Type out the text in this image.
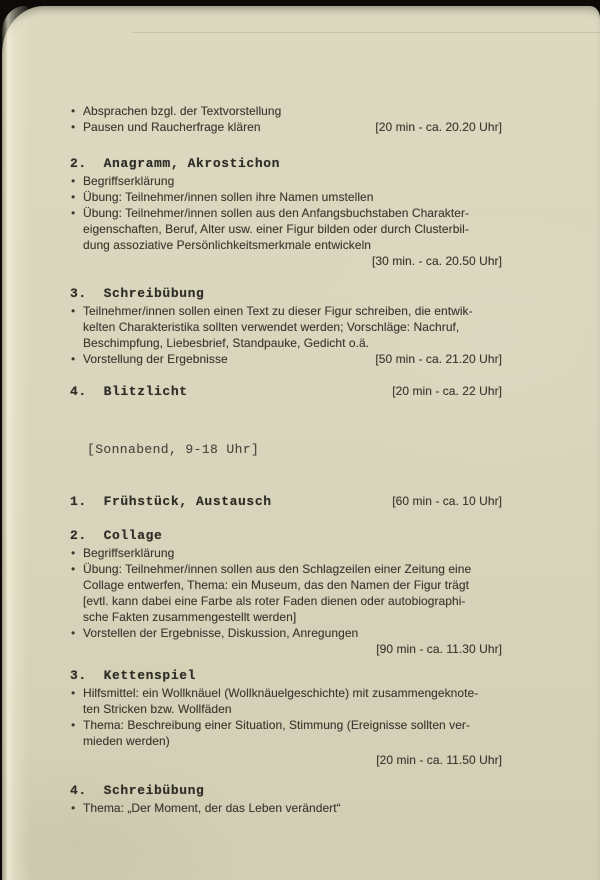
• Absprachen bzgl. der Textvorstellung
• Pausen und Raucherfrage klären	[20 min - ca. 20.20 Uhr]
2.  Anagramm, Akrostichon
• Begriffserklärung
• Übung: Teilnehmer/innen sollen ihre Namen umstellen
• Übung: Teilnehmer/innen sollen aus den Anfangsbuchstaben Charakter-
eigenschaften, Beruf, Alter usw. einer Figur bilden oder durch Clusterbil-
dung assoziative Persönlichkeitsmerkmale entwickeln
[30 min. - ca. 20.50 Uhr]
3.  Schreibübung
• Teilnehmer/innen sollen einen Text zu dieser Figur schreiben, die entwik-
kelten Charakteristika sollten verwendet werden; Vorschläge: Nachruf,
Beschimpfung, Liebesbrief, Standpauke, Gedicht o.ä.
• Vorstellung der Ergebnisse	[50 min - ca. 21.20 Uhr]
4.  Blitzlicht	[20 min - ca. 22 Uhr]
[Sonnabend, 9-18 Uhr]
1.  Frühstück, Austausch	[60 min - ca. 10 Uhr]
2.  Collage
• Begriffserklärung
• Übung: Teilnehmer/innen sollen aus den Schlagzeilen einer Zeitung eine
Collage entwerfen, Thema: ein Museum, das den Namen der Figur trägt
[evtl. kann dabei eine Farbe als roter Faden dienen oder autobiographi-
sche Fakten zusammengestellt werden]
• Vorstellen der Ergebnisse, Diskussion, Anregungen
[90 min - ca. 11.30 Uhr]
3.  Kettenspiel
• Hilfsmittel: ein Wollknäuel (Wollknäuelgeschichte) mit zusammengeknote-
ten Stricken bzw. Wollfäden
• Thema: Beschreibung einer Situation, Stimmung (Ereignisse sollten ver-
mieden werden)
[20 min - ca. 11.50 Uhr]
4.  Schreibübung
• Thema: „Der Moment, der das Leben verändert“
